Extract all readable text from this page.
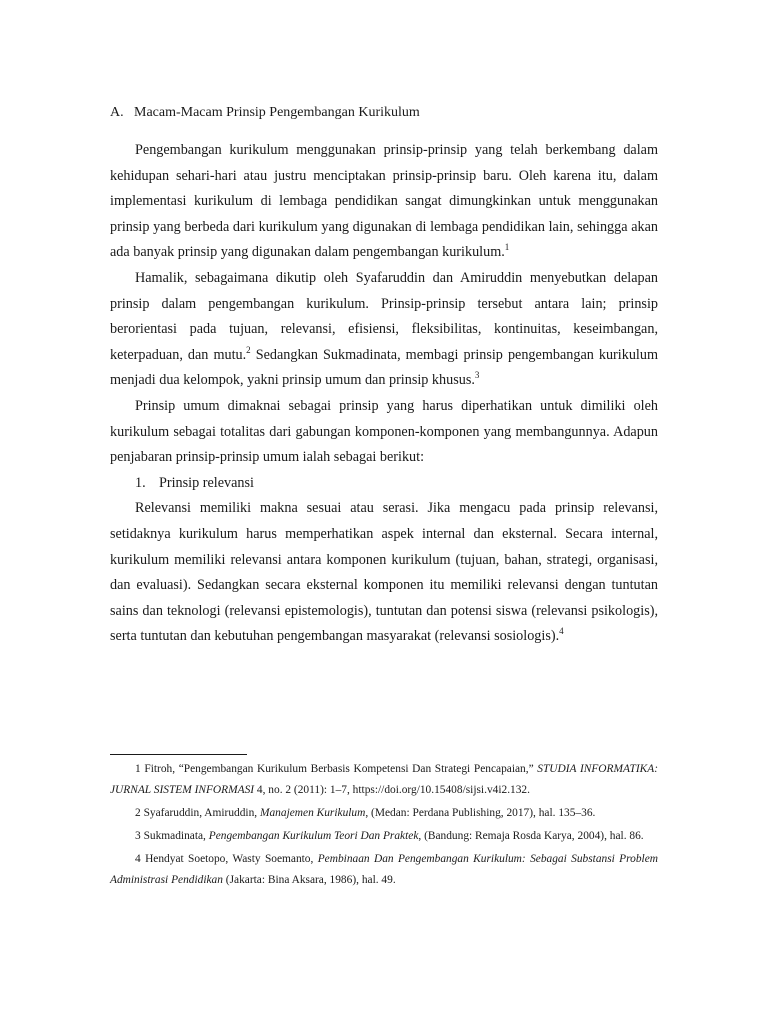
A. Macam-Macam Prinsip Pengembangan Kurikulum

Pengembangan kurikulum menggunakan prinsip-prinsip yang telah berkembang dalam kehidupan sehari-hari atau justru menciptakan prinsip-prinsip baru. Oleh karena itu, dalam implementasi kurikulum di lembaga pendidikan sangat dimungkinkan untuk menggunakan prinsip yang berbeda dari kurikulum yang digunakan di lembaga pendidikan lain, sehingga akan ada banyak prinsip yang digunakan dalam pengembangan kurikulum.$^1$

Hamalik, sebagaimana dikutip oleh Syafaruddin dan Amiruddin menyebutkan delapan prinsip dalam pengembangan kurikulum. Prinsip-prinsip tersebut antara lain; prinsip berorientasi pada tujuan, relevansi, efisiensi, fleksibilitas, kontinuitas, keseimbangan, keterpaduan, dan mutu.$^2$ Sedangkan Sukmadinata, membagi prinsip pengembangan kurikulum menjadi dua kelompok, yakni prinsip umum dan prinsip khusus.$^3$

Prinsip umum dimaknai sebagai prinsip yang harus diperhatikan untuk dimiliki oleh kurikulum sebagai totalitas dari gabungan komponen-komponen yang membangunnya. Adapun penjabaran prinsip-prinsip umum ialah sebagai berikut:

1. Prinsip relevansi

Relevansi memiliki makna sesuai atau serasi. Jika mengacu pada prinsip relevansi, setidaknya kurikulum harus memperhatikan aspek internal dan eksternal. Secara internal, kurikulum memiliki relevansi antara komponen kurikulum (tujuan, bahan, strategi, organisasi, dan evaluasi). Sedangkan secara eksternal komponen itu memiliki relevansi dengan tuntutan sains dan teknologi (relevansi epistemologis), tuntutan dan potensi siswa (relevansi psikologis), serta tuntutan dan kebutuhan pengembangan masyarakat (relevansi sosiologis).$^4$

1 Fitroh, “Pengembangan Kurikulum Berbasis Kompetensi Dan Strategi Pencapaian,” STUDIA INFORMATIKA: JURNAL SISTEM INFORMASI 4, no. 2 (2011): 1–7, https://doi.org/10.15408/sijsi.v4i2.132.

2 Syafaruddin, Amiruddin, Manajemen Kurikulum, (Medan: Perdana Publishing, 2017), hal. 135–36.

3 Sukmadinata, Pengembangan Kurikulum Teori Dan Praktek, (Bandung: Remaja Rosda Karya, 2004), hal. 86.

4 Hendyat Soetopo, Wasty Soemanto, Pembinaan Dan Pengembangan Kurikulum: Sebagai Substansi Problem Administrasi Pendidikan (Jakarta: Bina Aksara, 1986), hal. 49.
